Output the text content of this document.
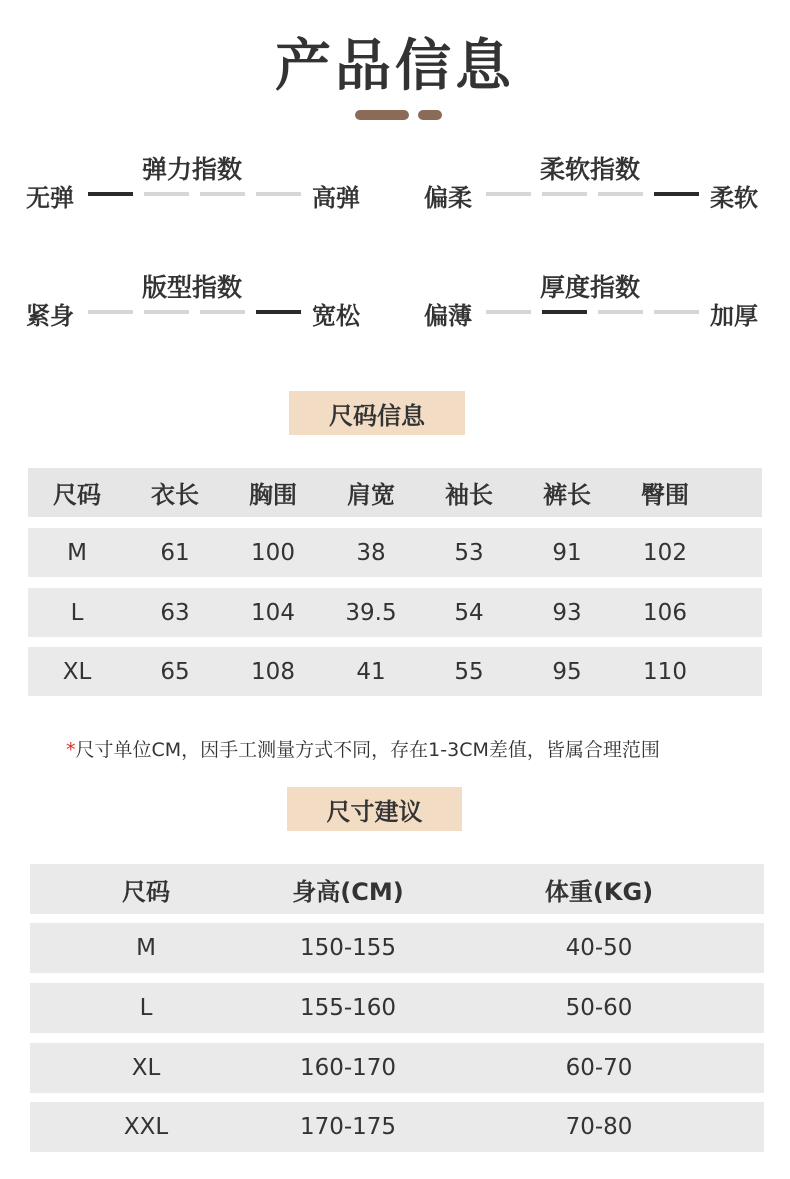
产品信息
弹力指数
无弹	高弹
柔软指数
偏柔	柔软
版型指数
紧身	宽松
厚度指数
偏薄	加厚
尺码信息
尺码	衣长	胸围	肩宽	袖长	裤长	臀围
M	61	100	38	53	91	102
L	63	104	39.5	54	93	106
XL	65	108	41	55	95	110
*尺寸单位CM，因手工测量方式不同，存在1-3CM差值，皆属合理范围
尺寸建议
尺码	身高(CM)	体重(KG)
M	150-155	40-50
L	155-160	50-60
XL	160-170	60-70
XXL	170-175	70-80
